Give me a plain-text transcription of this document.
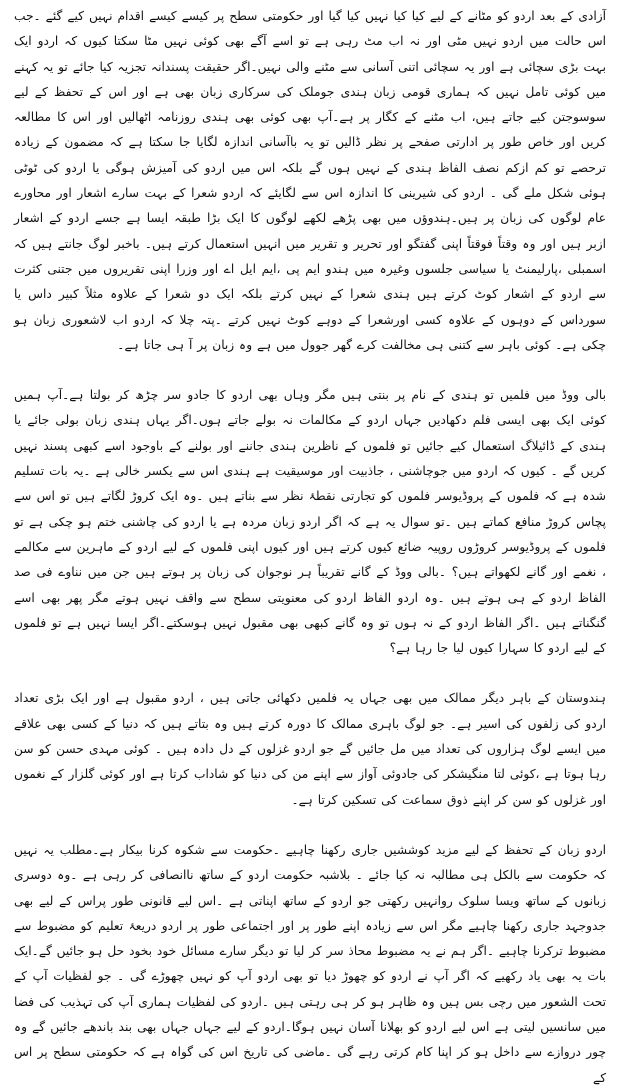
آزادی کے بعد اردو کو مٹانے کے لیے کیا کیا نہیں کیا گیا اور حکومتی سطح پر کیسے کیسے اقدام نہیں کیے گئے ۔جب اس حالت میں اردو نہیں مٹی اور نہ اب مٹ رہی ہے تو اسے آگے بھی کوئی نہیں مٹا سکتا کیوں کہ اردو ایک بہت بڑی سچائی ہے اور یہ سچائی اتنی آسانی سے مٹنے والی نہیں۔اگر حقیقت پسندانہ تجزیہ کیا جائے تو یہ کہنے میں کوئی تامل نہیں کہ ہماری قومی زبان ہندی جوملک کی سرکاری زبان بھی ہے اور اس کے تحفظ کے لیے سوسوجتن کیے جاتے ہیں، اب مٹنے کے کگار پر ہے۔آپ بھی کوئی بھی ہندی روزنامہ اٹھالیں اور اس کا مطالعہ کریں اور خاص طور پر ادارتی صفحے پر نظر ڈالیں تو یہ باآسانی اندازہ لگایا جا سکتا ہے کہ مضمون کے زیادہ ترحصے تو کم ازکم نصف الفاظ ہندی کے نہیں ہوں گے بلکہ اس میں اردو کی آمیزش ہوگی یا اردو کی ٹوٹی ہوئی شکل ملے گی ۔ اردو کی شیرینی کا اندازہ اس سے لگایئے کہ اردو شعرا کے بہت سارے اشعار اور محاورے عام لوگوں کی زبان پر ہیں۔ہندوؤں میں بھی پڑھے لکھے لوگوں کا ایک بڑا طبقہ ایسا ہے جسے اردو کے اشعار ازبر ہیں اور وہ وقتاً فوقتاً اپنی گفتگو اور تحریر و تقریر میں انہیں استعمال کرتے ہیں۔ باخبر لوگ جانتے ہیں کہ اسمبلی ،پارلیمنٹ یا سیاسی جلسوں وغیرہ میں ہندو ایم پی ،ایم ایل اے اور وزرا اپنی تقریروں میں جتنی کثرت سے اردو کے اشعار کوٹ کرتے ہیں ہندی شعرا کے نہیں کرتے بلکہ ایک دو شعرا کے علاوہ مثلاً کبیر داس یا سورداس کے دوہوں کے علاوہ کسی اورشعرا کے دوہے کوٹ نہیں کرتے ۔پتہ چلا کہ اردو اب لاشعوری زبان ہو چکی ہے۔ کوئی باہر سے کتنی ہی مخالفت کرے گھر جوول میں ہے وہ زبان پر آ ہی جاتا ہے۔

بالی ووڈ میں فلمیں تو ہندی کے نام پر بنتی ہیں مگر وہاں بھی اردو کا جادو سر چڑھ کر بولتا ہے۔آپ ہمیں کوئی ایک بھی ایسی فلم دکھادیں جہاں اردو کے مکالمات نہ بولے جاتے ہوں۔اگر یہاں ہندی زبان بولی جائے یا ہندی کے ڈائیلاگ استعمال کیے جائیں تو فلموں کے ناظرین ہندی جاننے اور بولنے کے باوجود اسے کبھی پسند نہیں کریں گے ۔ کیوں کہ اردو میں جوچاشنی ، جاذبیت اور موسیقیت ہے ہندی اس سے یکسر خالی ہے ۔یہ بات تسلیم شدہ ہے کہ فلموں کے پروڈیوسر فلموں کو تجارتی نقطۂ نظر سے بناتے ہیں ۔وہ ایک کروڑ لگاتے ہیں تو اس سے پچاس کروڑ منافع کماتے ہیں ۔تو سوال یہ ہے کہ اگر اردو زبان مردہ ہے یا اردو کی چاشنی ختم ہو چکی ہے تو فلموں کے پروڈیوسر کروڑوں روپیہ ضائع کیوں کرتے ہیں اور کیوں اپنی فلموں کے لیے اردو کے ماہرین سے مکالمے ، نغمے اور گانے لکھواتے ہیں؟ ۔بالی ووڈ کے گانے تقریباً ہر نوجوان کی زبان پر ہوتے ہیں جن میں نناوے فی صد الفاظ اردو کے ہی ہوتے ہیں ۔وہ اردو الفاظ اردو کی معنویتی سطح سے واقف نہیں ہوتے مگر پھر بھی اسے گنگناتے ہیں ۔اگر الفاظ اردو کے نہ ہوں تو وہ گانے کبھی بھی مقبول نہیں ہوسکتے۔اگر ایسا نہیں ہے تو فلموں کے لیے اردو کا سہارا کیوں لیا جا رہا ہے؟

ہندوستان کے باہر دیگر ممالک میں بھی جہاں یہ فلمیں دکھائی جاتی ہیں ، اردو مقبول ہے اور ایک بڑی تعداد اردو کی زلفوں کی اسیر ہے۔ جو لوگ باہری ممالک کا دورہ کرتے ہیں وہ بتاتے ہیں کہ دنیا کے کسی بھی علاقے میں ایسے لوگ ہزاروں کی تعداد میں مل جائیں گے جو اردو غزلوں کے دل دادہ ہیں ۔ کوئی مہدی حسن کو سن رہا ہوتا ہے ،کوئی لتا منگیشکر کی جادوئی آواز سے اپنے من کی دنیا کو شاداب کرتا ہے اور کوئی گلزار کے نغموں اور غزلوں کو سن کر اپنے ذوق سماعت کی تسکین کرتا ہے۔

اردو زبان کے تحفظ کے لیے مزید کوششیں جاری رکھنا چاہیے ۔حکومت سے شکوہ کرنا بیکار ہے۔مطلب یہ نہیں کہ حکومت سے بالکل ہی مطالبہ نہ کیا جائے ۔ بلاشبہ حکومت اردو کے ساتھ ناانصافی کر رہی ہے ۔وہ دوسری زبانوں کے ساتھ ویسا سلوک روانہیں رکھتی جو اردو کے ساتھ اپناتی ہے ۔اس لیے قانونی طور پراس کے لیے بھی جدوجہد جاری رکھنا چاہیے مگر اس سے زیادہ اپنے طور پر اور اجتماعی طور پر اردو دریعۂ تعلیم کو مضبوط سے مضبوط ترکرنا چاہیے ۔اگر ہم نے یہ مضبوط محاذ سر کر لیا تو دیگر سارے مسائل خود بخود حل ہو جائیں گے۔ایک بات یہ بھی یاد رکھیے کہ اگر آپ نے اردو کو چھوڑ دیا تو بھی اردو آپ کو نہیں چھوڑے گی ۔ جو لفظیات آپ کے تحت الشعور میں رچی بس ہیں وہ ظاہر ہو کر ہی رہتی ہیں ۔اردو کی لفظیات ہماری آپ کی تہذیب کی فضا میں سانسیں لیتی ہے اس لیے اردو کو بھلانا آسان نہیں ہوگا۔اردو کے لیے جہاں جہاں بھی بند باندھے جائیں گے وہ چور دروازے سے داخل ہو کر اپنا کام کرتی رہے گی ۔ماضی کی تاریخ اس کی گواہ ہے کہ حکومتی سطح پر اس کے
